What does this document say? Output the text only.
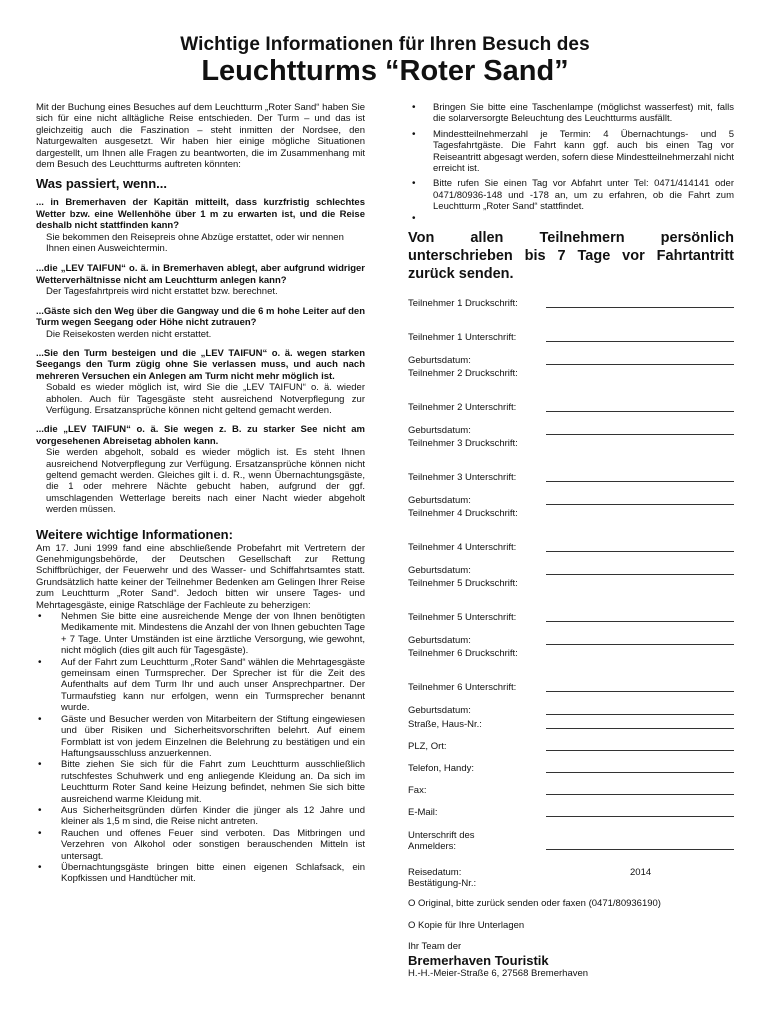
Wichtige Informationen für Ihren Besuch des
Leuchtturms “Roter Sand”

Mit der Buchung eines Besuches auf dem Leuchtturm „Roter Sand“ haben Sie sich für eine nicht alltägliche Reise entschieden. Der Turm – und das ist gleichzeitig auch die Faszination – steht inmitten der Nordsee, den Naturgewalten ausgesetzt. Wir haben hier einige mögliche Situationen dargestellt, um Ihnen alle Fragen zu beantworten, die im Zusammenhang mit dem Besuch des Leuchtturms auftreten könnten:

Was passiert, wenn...

... in Bremerhaven der Kapitän mitteilt, dass kurzfristig schlechtes Wetter bzw. eine Wellenhöhe über 1 m zu erwarten ist, und die Reise deshalb nicht stattfinden kann?

Sie bekommen den Reisepreis ohne Abzüge erstattet, oder wir nennen Ihnen einen Ausweichtermin.

...die „LEV TAIFUN“ o. ä. in Bremerhaven ablegt, aber aufgrund widriger Wetterverhältnisse nicht am Leuchtturm anlegen kann?

Der Tagesfahrtpreis wird nicht erstattet bzw. berechnet.

...Gäste sich den Weg über die Gangway und die 6 m hohe Leiter auf den Turm wegen Seegang oder Höhe nicht zutrauen?

Die Reisekosten werden nicht erstattet.

...Sie den Turm besteigen und die „LEV TAIFUN“ o. ä. wegen starken Seegangs den Turm zügig ohne Sie verlassen muss, und auch nach mehreren Versuchen ein Anlegen am Turm nicht mehr möglich ist.

Sobald es wieder möglich ist, wird Sie die „LEV TAIFUN“ o. ä. wieder abholen. Auch für Tagesgäste steht ausreichend Notverpflegung zur Verfügung. Ersatzansprüche können nicht geltend gemacht werden.

...die „LEV TAIFUN“ o. ä. Sie wegen z. B. zu starker See nicht am vorgesehenen Abreisetag abholen kann.

Sie werden abgeholt, sobald es wieder möglich ist. Es steht Ihnen ausreichend Notverpflegung zur Verfügung. Ersatzansprüche können nicht geltend gemacht werden. Gleiches gilt i. d. R., wenn Übernachtungsgäste, die 1 oder mehrere Nächte gebucht haben, aufgrund der ggf. umschlagenden Wetterlage bereits nach einer Nacht wieder abgeholt werden müssen.

Weitere wichtige Informationen:

Am 17. Juni 1999 fand eine abschließende Probefahrt mit Vertretern der Genehmigungsbehörde, der Deutschen Gesellschaft zur Rettung Schiffbrüchiger, der Feuerwehr und des Wasser- und Schiffahrtsamtes statt. Grundsätzlich hatte keiner der Teilnehmer Bedenken am Gelingen Ihrer Reise zum Leuchtturm „Roter Sand“. Jedoch bitten wir unsere Tages- und Mehrtagesgäste, einige Ratschläge der Fachleute zu beherzigen:

• Nehmen Sie bitte eine ausreichende Menge der von Ihnen benötigten Medikamente mit. Mindestens die Anzahl der von Ihnen gebuchten Tage + 7 Tage. Unter Umständen ist eine ärztliche Versorgung, wie gewohnt, nicht möglich (dies gilt auch für Tagesgäste).
• Auf der Fahrt zum Leuchtturm „Roter Sand“ wählen die Mehrtagesgäste gemeinsam einen Turmsprecher. Der Sprecher ist für die Zeit des Aufenthalts auf dem Turm Ihr und auch unser Ansprechpartner. Der Turmaufstieg kann nur erfolgen, wenn ein Turmsprecher benannt wurde.
• Gäste und Besucher werden von Mitarbeitern der Stiftung eingewiesen und über Risiken und Sicherheitsvorschriften belehrt. Auf einem Formblatt ist von jedem Einzelnen die Belehrung zu bestätigen und ein Haftungsausschluss anzuerkennen.
• Bitte ziehen Sie sich für die Fahrt zum Leuchtturm ausschließlich rutschfestes Schuhwerk und eng anliegende Kleidung an. Da sich im Leuchtturm Roter Sand keine Heizung befindet, nehmen Sie sich bitte ausreichend warme Kleidung mit.
• Aus Sicherheitsgründen dürfen Kinder die jünger als 12 Jahre und kleiner als 1,5 m sind, die Reise nicht antreten.
• Rauchen und offenes Feuer sind verboten. Das Mitbringen und Verzehren von Alkohol oder sonstigen berauschenden Mitteln ist untersagt.
• Übernachtungsgäste bringen bitte einen eigenen Schlafsack, ein Kopfkissen und Handtücher mit.
• Bringen Sie bitte eine Taschenlampe (möglichst wasserfest) mit, falls die solarversorgte Beleuchtung des Leuchtturms ausfällt.
• Mindestteilnehmerzahl je Termin: 4 Übernachtungs- und 5 Tagesfahrtgäste. Die Fahrt kann ggf. auch bis einen Tag vor Reiseantritt abgesagt werden, sofern diese Mindestteilnehmerzahl nicht erreicht ist.
• Bitte rufen Sie einen Tag vor Abfahrt unter Tel: 0471/414141 oder 0471/80936-148 und -178 an, um zu erfahren, ob die Fahrt zum Leuchtturm „Roter Sand“ stattfindet.
•

Von allen Teilnehmern persönlich unterschrieben bis 7 Tage vor Fahrtantritt zurück senden.

Teilnehmer 1 Druckschrift:
Teilnehmer 1 Unterschrift:
Geburtsdatum:
Teilnehmer 2 Druckschrift:
Teilnehmer 2 Unterschrift:
Geburtsdatum:
Teilnehmer 3 Druckschrift:
Teilnehmer 3 Unterschrift:
Geburtsdatum:
Teilnehmer 4 Druckschrift:
Teilnehmer 4 Unterschrift:
Geburtsdatum:
Teilnehmer 5 Druckschrift:
Teilnehmer 5 Unterschrift:
Geburtsdatum:
Teilnehmer 6 Druckschrift:
Teilnehmer 6 Unterschrift:
Geburtsdatum:
Straße, Haus-Nr.:
PLZ, Ort:
Telefon, Handy:
Fax:
E-Mail:
Unterschrift des
Anmelders:
Reisedatum:	2014
Bestätigung-Nr.:

O Original, bitte zurück senden oder faxen (0471/80936190)

O Kopie für Ihre Unterlagen

Ihr Team der

Bremerhaven Touristik

H.-H.-Meier-Straße 6, 27568 Bremerhaven
